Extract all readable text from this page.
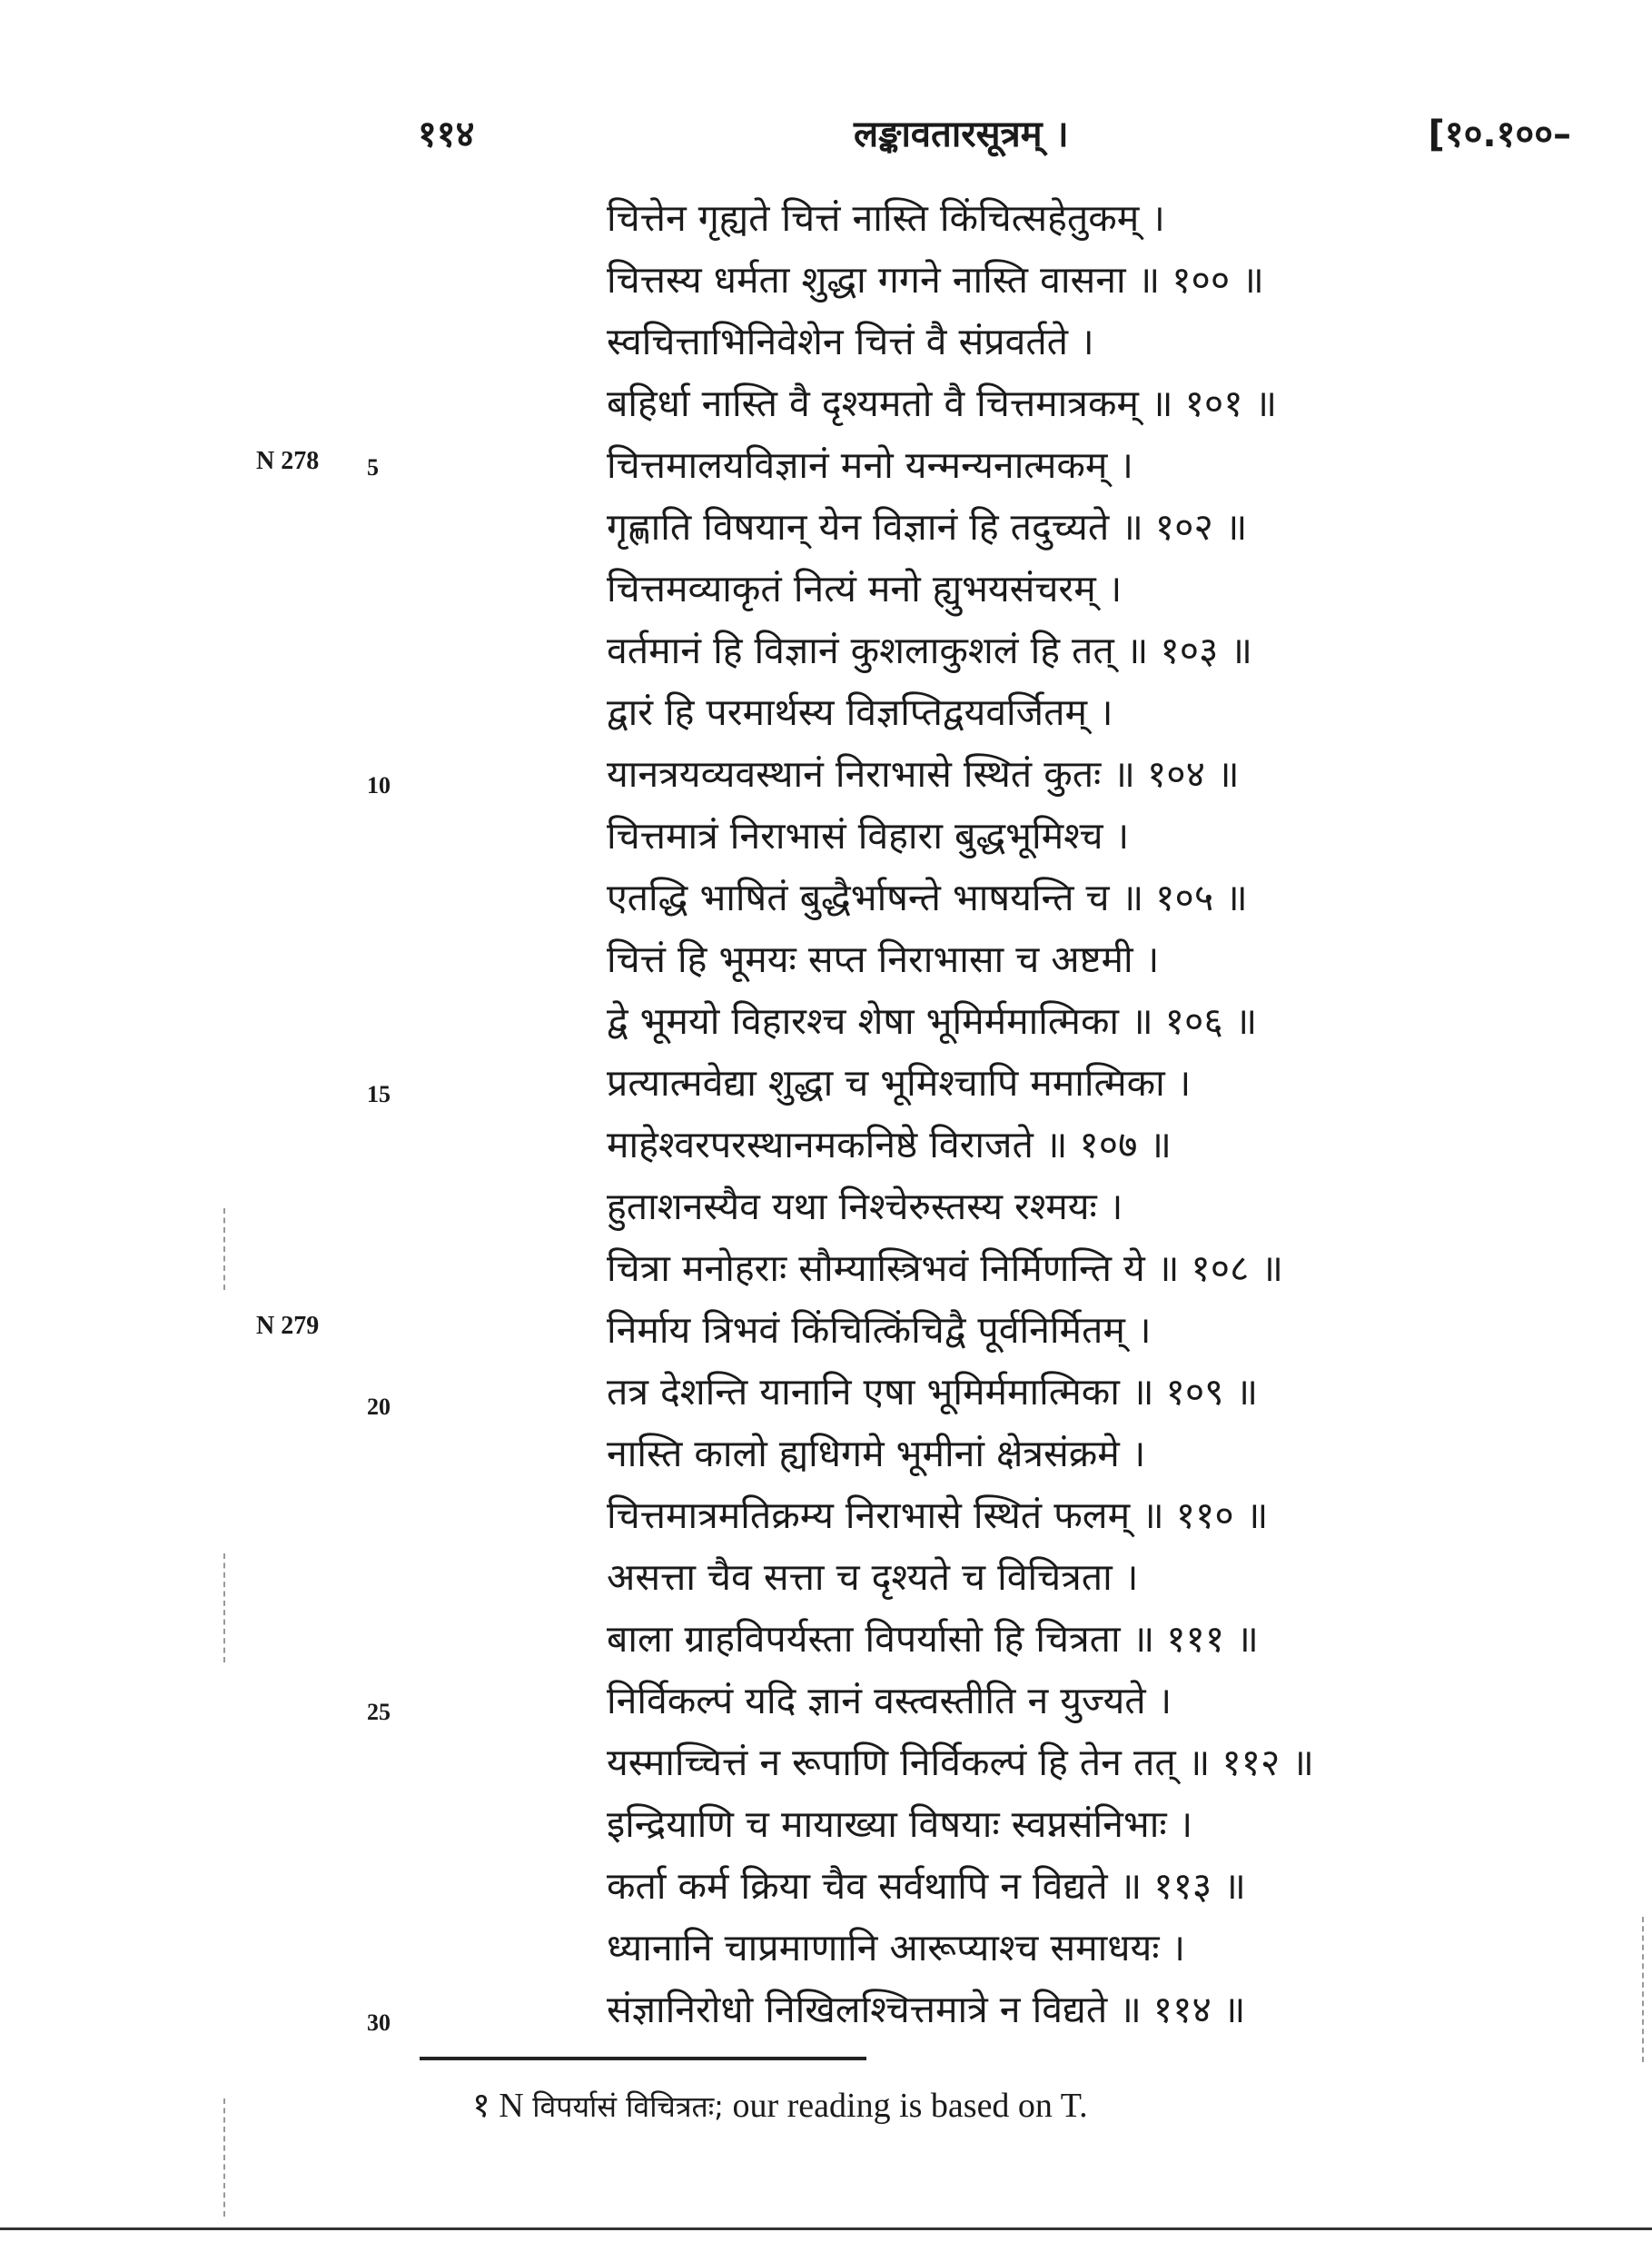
११४	लङ्कावतारसूत्रम् ।	[१०.१००–
चित्तेन गृह्यते चित्तं नास्ति किंचित्सहेतुकम् ।
चित्तस्य धर्मता शुद्धा गगने नास्ति वासना ॥ १०० ॥
स्वचित्ताभिनिवेशेन चित्तं वै संप्रवर्तते ।
बहिर्धा नास्ति वै दृश्यमतो वै चित्तमात्रकम् ॥ १०१ ॥
चित्तमालयविज्ञानं मनो यन्मन्यनात्मकम् ।
गृह्णाति विषयान् येन विज्ञानं हि तदुच्यते ॥ १०२ ॥
चित्तमव्याकृतं नित्यं मनो ह्युभयसंचरम् ।
वर्तमानं हि विज्ञानं कुशलाकुशलं हि तत् ॥ १०३ ॥
द्वारं हि परमार्थस्य विज्ञप्तिद्वयवर्जितम् ।
यानत्रयव्यवस्थानं निराभासे स्थितं कुतः ॥ १०४ ॥
चित्तमात्रं निराभासं विहारा बुद्धभूमिश्च ।
एतद्धि भाषितं बुद्धैर्भाषन्ते भाषयन्ति च ॥ १०५ ॥
चित्तं हि भूमयः सप्त निराभासा च अष्टमी ।
द्वे भूमयो विहारश्च शेषा भूमिर्ममात्मिका ॥ १०६ ॥
प्रत्यात्मवेद्या शुद्धा च भूमिश्चापि ममात्मिका ।
माहेश्वरपरस्थानमकनिष्ठे विराजते ॥ १०७ ॥
हुताशनस्यैव यथा निश्चेरुस्तस्य रश्मयः ।
चित्रा मनोहराः सौम्यास्त्रिभवं निर्मिणन्ति ये ॥ १०८ ॥
निर्माय त्रिभवं किंचित्किंचिद्वै पूर्वनिर्मितम् ।
तत्र देशन्ति यानानि एषा भूमिर्ममात्मिका ॥ १०९ ॥
नास्ति कालो ह्यधिगमे भूमीनां क्षेत्रसंक्रमे ।
चित्तमात्रमतिक्रम्य निराभासे स्थितं फलम् ॥ ११० ॥
असत्ता चैव सत्ता च दृश्यते च विचित्रता ।
बाला ग्राहविपर्यस्ता विपर्यासो हि चित्रता ॥ १११ ॥
निर्विकल्पं यदि ज्ञानं वस्त्वस्तीति न युज्यते ।
यस्माच्चित्तं न रूपाणि निर्विकल्पं हि तेन तत् ॥ ११२ ॥
इन्द्रियाणि च मायाख्या विषयाः स्वप्नसंनिभाः ।
कर्ता कर्म क्रिया चैव सर्वथापि न विद्यते ॥ ११३ ॥
ध्यानानि चाप्रमाणानि आरूप्याश्च समाधयः ।
संज्ञानिरोधो निखिलश्चित्तमात्रे न विद्यते ॥ ११४ ॥
N 278
N 279
5
10
15
20
25
30
१ N विपर्यासं विचित्रतः; our reading is based on T.
